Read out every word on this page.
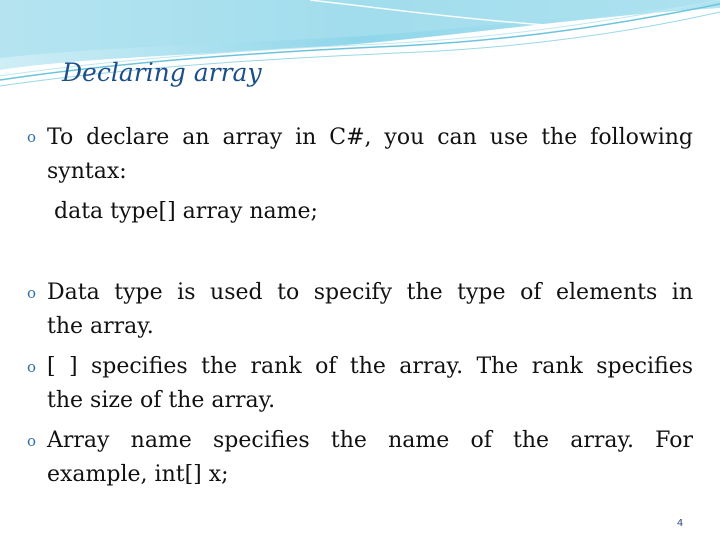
Declaring array
o To declare an array in C#, you can use the following
syntax:
data type[] array name;
o Data type is used to specify the type of elements in
the array.
o [ ] specifies the rank of the array. The rank specifies
the size of the array.
o Array name specifies the name of the array. For
example, int[] x;
4
